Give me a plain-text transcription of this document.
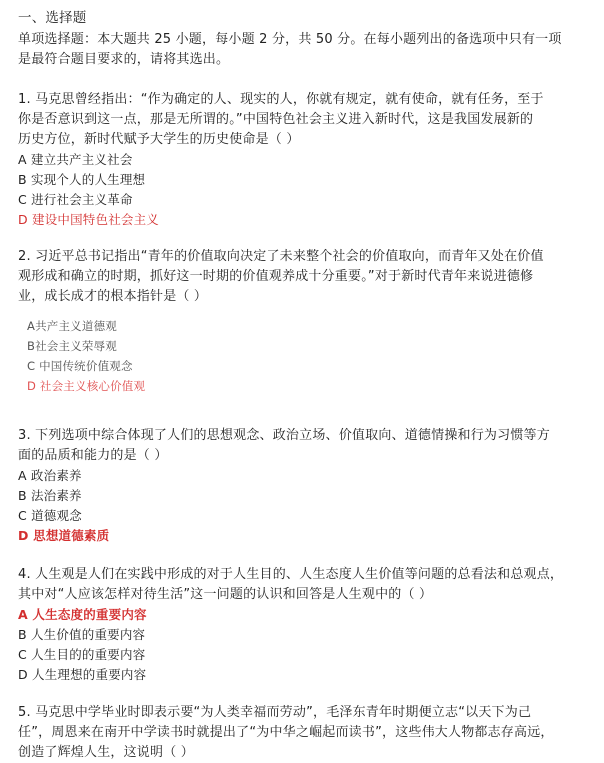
一、选择题
单项选择题：本大题共 25 小题，每小题 2 分，共 50 分。在每小题列出的备选项中只有一项
是最符合题目要求的，请将其选出。
1. 马克思曾经指出：“作为确定的人、现实的人，你就有规定，就有使命，就有任务，至于
你是否意识到这一点，那是无所谓的。”中国特色社会主义进入新时代，这是我国发展新的
历史方位，新时代赋予大学生的历史使命是（ ）
A 建立共产主义社会
B 实现个人的人生理想
C 进行社会主义革命
D 建设中国特色社会主义
2. 习近平总书记指出“青年的价值取向决定了未来整个社会的价值取向，而青年又处在价值
观形成和确立的时期，抓好这一时期的价值观养成十分重要。”对于新时代青年来说进德修
业，成长成才的根本指针是（ ）
A共产主义道德观
B社会主义荣辱观
C 中国传统价值观念
D 社会主义核心价值观
3. 下列选项中综合体现了人们的思想观念、政治立场、价值取向、道德情操和行为习惯等方
面的品质和能力的是（ ）
A 政治素养
B 法治素养
C 道德观念
D 思想道德素质
4. 人生观是人们在实践中形成的对于人生目的、人生态度人生价值等问题的总看法和总观点，
其中对“人应该怎样对待生活”这一问题的认识和回答是人生观中的（ ）
A 人生态度的重要内容
B 人生价值的重要内容
C 人生目的的重要内容
D 人生理想的重要内容
5. 马克思中学毕业时即表示要“为人类幸福而劳动”，毛泽东青年时期便立志“以天下为己
任”，周恩来在南开中学读书时就提出了“为中华之崛起而读书”，这些伟大人物都志存高远，
创造了辉煌人生，这说明（ ）
